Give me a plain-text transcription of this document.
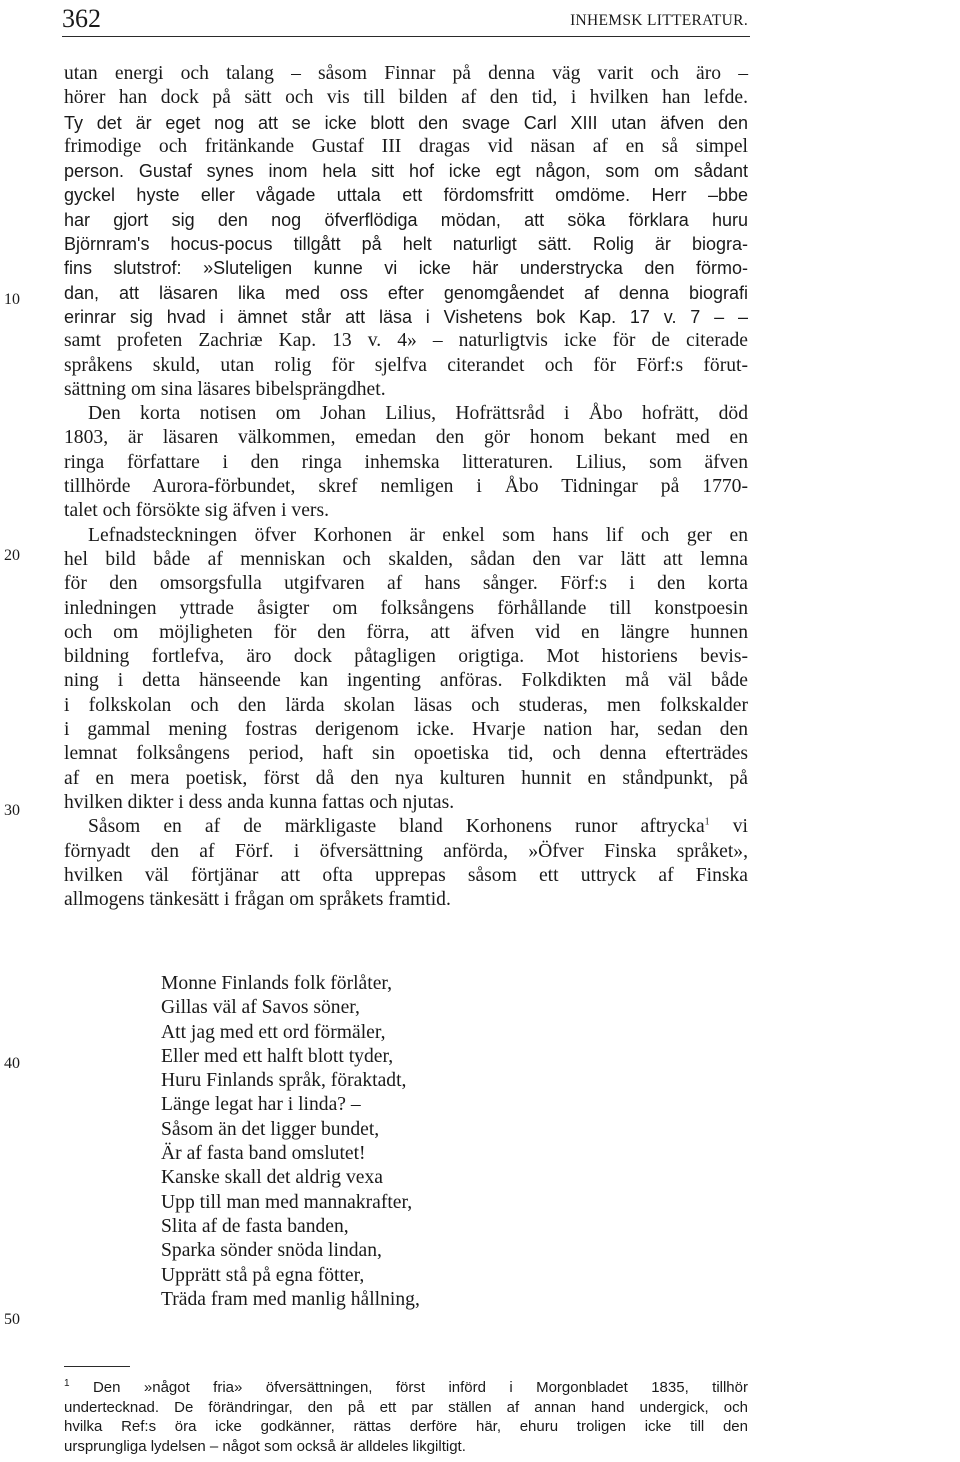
362	INHEMSK LITTERATUR.
utan energi och talang – såsom Finnar på denna väg varit och äro –
hörer han dock på sätt och vis till bilden af den tid, i hvilken han lefde.
Ty det är eget nog att se icke blott den svage Carl XIII utan äfven den
frimodige och fritänkande Gustaf III dragas vid näsan af en så simpel
person. Gustaf synes inom hela sitt hof icke egt någon, som om sådant
gyckel hyste eller vågade uttala ett fördomsfritt omdöme. Herr –bbe
har gjort sig den nog öfverflödiga mödan, att söka förklara huru
Björnram's hocus-pocus tillgått på helt naturligt sätt. Rolig är biogra-
fins slutstrof: »Sluteligen kunne vi icke här understrycka den förmo-
dan, att läsaren lika med oss efter genomgåendet af denna biografi
erinrar sig hvad i ämnet står att läsa i Vishetens bok Kap. 17 v. 7 – –
samt profeten Zachriæ Kap. 13 v. 4» – naturligtvis icke för de citerade
språkens skuld, utan rolig för sjelfva citerandet och för Förf:s förut-
sättning om sina läsares bibelsprängdhet.
Den korta notisen om Johan Lilius, Hofrättsråd i Åbo hofrätt, död
1803, är läsaren välkommen, emedan den gör honom bekant med en
ringa författare i den ringa inhemska litteraturen. Lilius, som äfven
tillhörde Aurora-förbundet, skref nemligen i Åbo Tidningar på 1770-
talet och försökte sig äfven i vers.
Lefnadsteckningen öfver Korhonen är enkel som hans lif och ger en
hel bild både af menniskan och skalden, sådan den var lätt att lemna
för den omsorgsfulla utgifvaren af hans sånger. Förf:s i den korta
inledningen yttrade åsigter om folksångens förhållande till konstpoesin
och om möjligheten för den förra, att äfven vid en längre hunnen
bildning fortlefva, äro dock påtagligen origtiga. Mot historiens bevis-
ning i detta hänseende kan ingenting anföras. Folkdikten må väl både
i folkskolan och den lärda skolan läsas och studeras, men folkskalder
i gammal mening fostras derigenom icke. Hvarje nation har, sedan den
lemnat folksångens period, haft sin opoetiska tid, och denna efterträdes
af en mera poetisk, först då den nya kulturen hunnit en ståndpunkt, på
hvilken dikter i dess anda kunna fattas och njutas.
Såsom en af de märkligaste bland Korhonens runor aftrycka$^1$ vi
förnyadt den af Förf. i öfversättning anförda, »Öfver Finska språket»,
hvilken väl förtjänar att ofta upprepas såsom ett uttryck af Finska
allmogens tänkesätt i frågan om språkets framtid.
Monne Finlands folk förlåter,
Gillas väl af Savos söner,
Att jag med ett ord förmäler,
Eller med ett halft blott tyder,
Huru Finlands språk, föraktadt,
Länge legat har i linda? –
Såsom än det ligger bundet,
Är af fasta band omslutet!
Kanske skall det aldrig vexa
Upp till man med mannakrafter,
Slita af de fasta banden,
Sparka sönder snöda lindan,
Upprätt stå på egna fötter,
Träda fram med manlig hållning,
10
20
30
40
50
$^1$ Den »något fria» öfversättningen, först införd i Morgonbladet 1835, tillhör
undertecknad. De förändringar, den på ett par ställen af annan hand undergick, och
hvilka Ref:s öra icke godkänner, rättas derföre här, ehuru troligen icke till den
ursprungliga lydelsen – något som också är alldeles likgiltigt.
